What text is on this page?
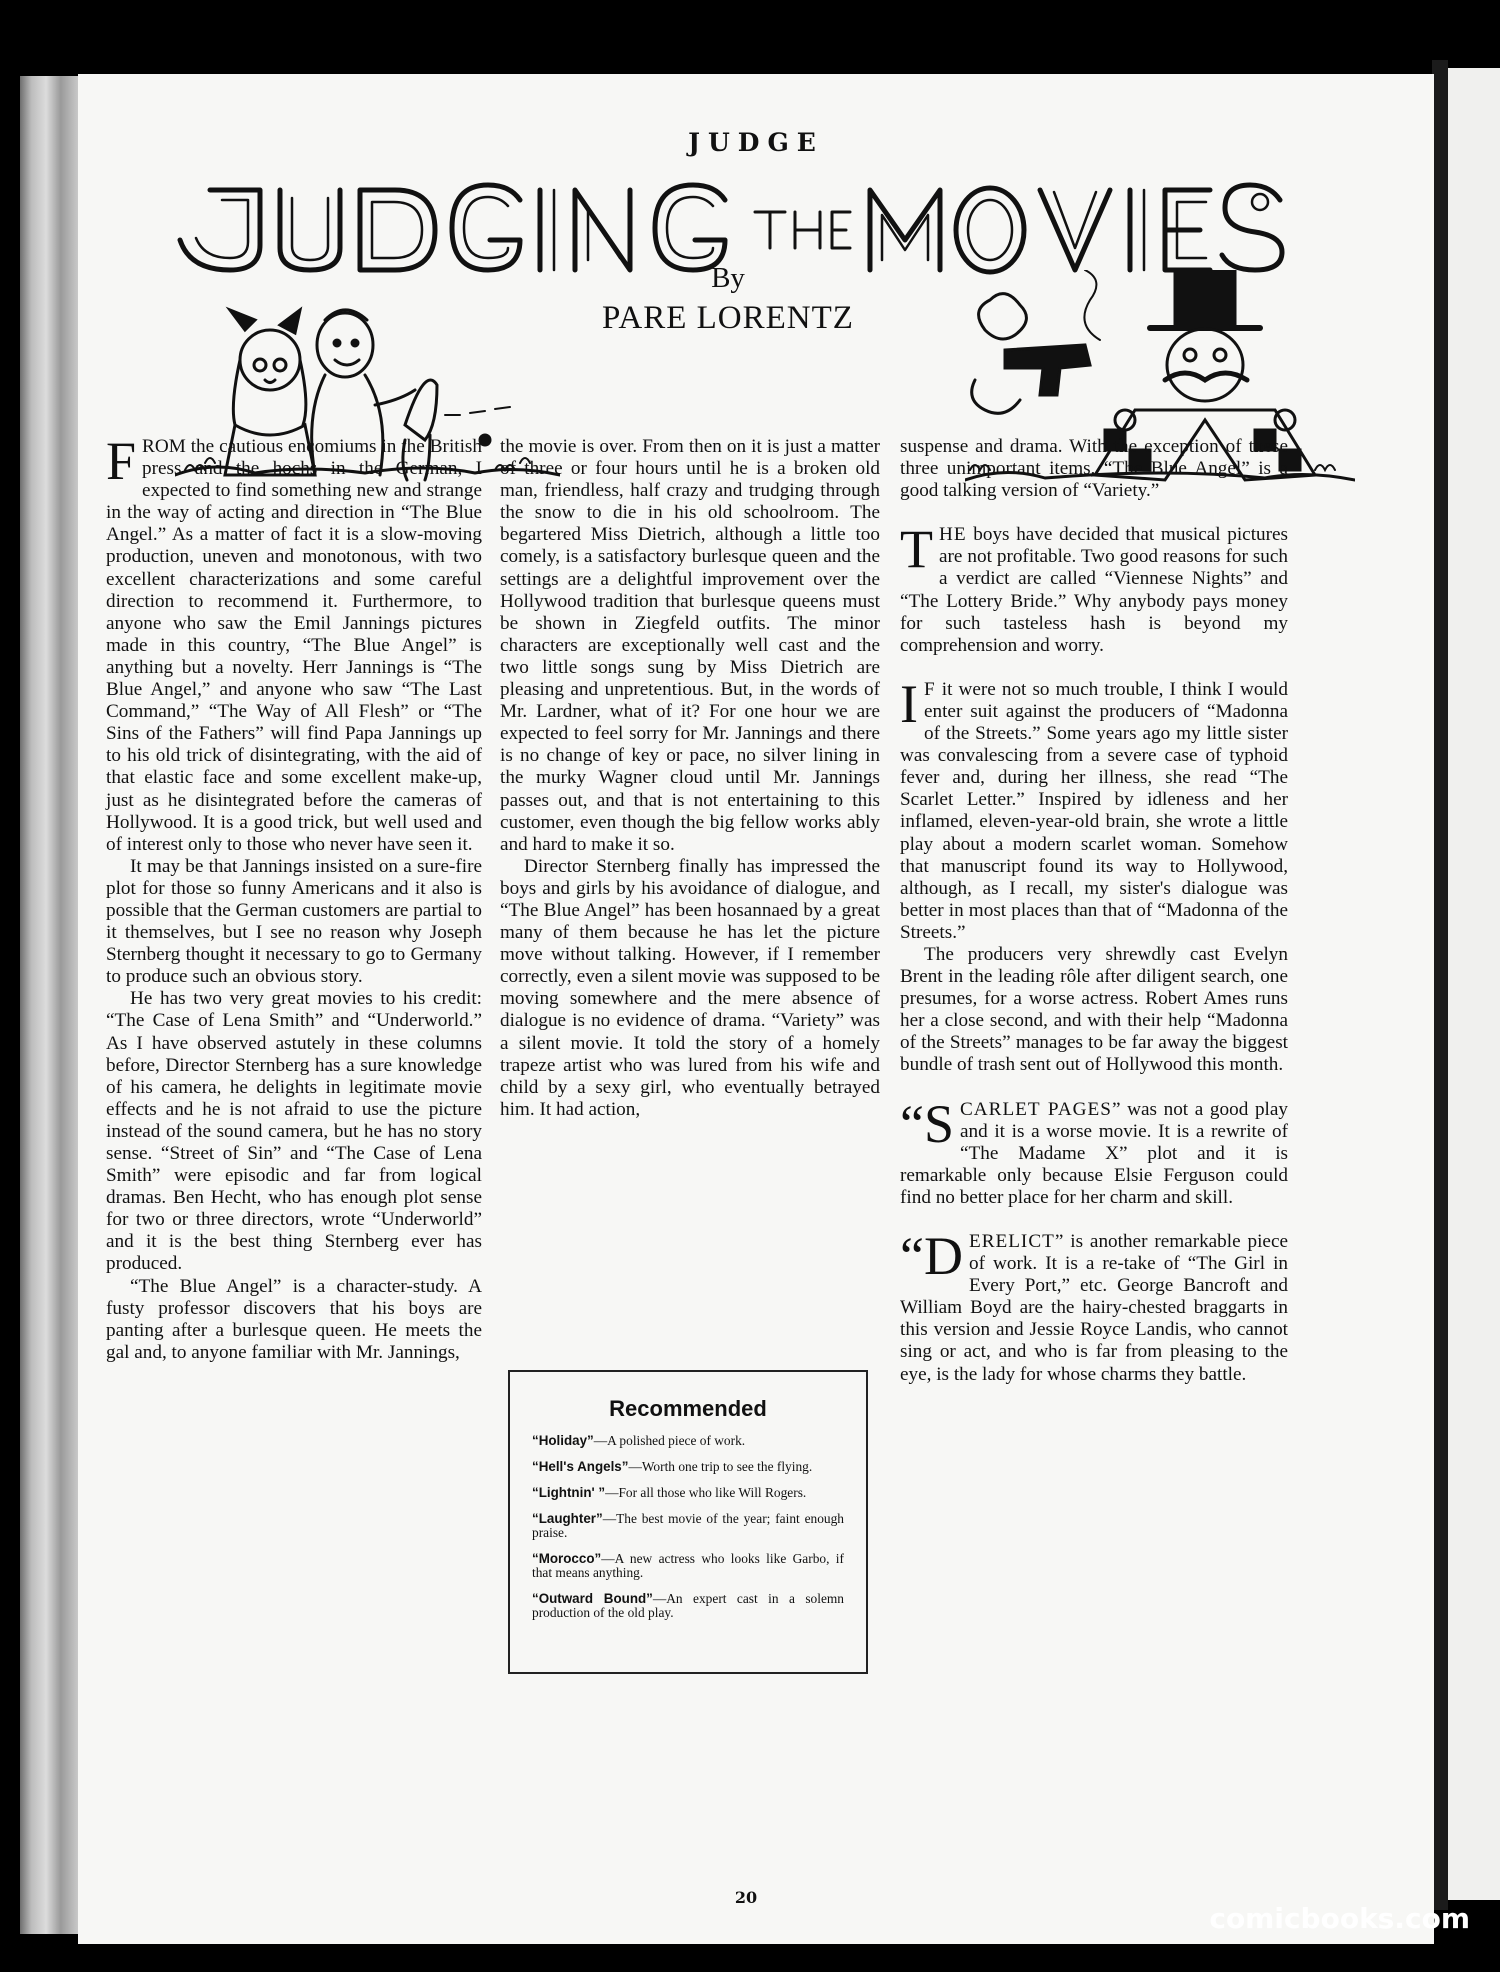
JUDGE
By
PARE LORENTZ

FROM the cautious encomiums in the British press and the hochs in the German, I expected to find something new and strange in the way of acting and direction in “The Blue Angel.” As a matter of fact it is a slow-moving production, uneven and monotonous, with two excellent characterizations and some careful direction to recommend it. Furthermore, to anyone who saw the Emil Jannings pictures made in this country, “The Blue Angel” is anything but a novelty. Herr Jannings is “The Blue Angel,” and anyone who saw “The Last Command,” “The Way of All Flesh” or “The Sins of the Fathers” will find Papa Jannings up to his old trick of disintegrating, with the aid of that elastic face and some excellent make-up, just as he disintegrated before the cameras of Hollywood. It is a good trick, but well used and of interest only to those who never have seen it.

It may be that Jannings insisted on a sure-fire plot for those so funny Americans and it also is possible that the German customers are partial to it themselves, but I see no reason why Joseph Sternberg thought it necessary to go to Germany to produce such an obvious story.

He has two very great movies to his credit: “The Case of Lena Smith” and “Underworld.” As I have observed astutely in these columns before, Director Sternberg has a sure knowledge of his camera, he delights in legitimate movie effects and he is not afraid to use the picture instead of the sound camera, but he has no story sense. “Street of Sin” and “The Case of Lena Smith” were episodic and far from logical dramas. Ben Hecht, who has enough plot sense for two or three directors, wrote “Underworld” and it is the best thing Sternberg ever has produced.

“The Blue Angel” is a character-study. A fusty professor discovers that his boys are panting after a burlesque queen. He meets the gal and, to anyone familiar with Mr. Jannings,

the movie is over. From then on it is just a matter of three or four hours until he is a broken old man, friendless, half crazy and trudging through the snow to die in his old schoolroom. The begartered Miss Dietrich, although a little too comely, is a satisfactory burlesque queen and the settings are a delightful improvement over the Hollywood tradition that burlesque queens must be shown in Ziegfeld outfits. The minor characters are exceptionally well cast and the two little songs sung by Miss Dietrich are pleasing and unpretentious. But, in the words of Mr. Lardner, what of it? For one hour we are expected to feel sorry for Mr. Jannings and there is no change of key or pace, no silver lining in the murky Wagner cloud until Mr. Jannings passes out, and that is not entertaining to this customer, even though the big fellow works ably and hard to make it so.

Director Sternberg finally has impressed the boys and girls by his avoidance of dialogue, and “The Blue Angel” has been hosannaed by a great many of them because he has let the picture move without talking. However, if I remember correctly, even a silent movie was supposed to be moving somewhere and the mere absence of dialogue is no evidence of drama. “Variety” was a silent movie. It told the story of a homely trapeze artist who was lured from his wife and child by a sexy girl, who eventually betrayed him. It had action,

Recommended
“Holiday”—A polished piece of work.
“Hell's Angels”—Worth one trip to see the flying.
“Lightnin' ”—For all those who like Will Rogers.
“Laughter”—The best movie of the year; faint enough praise.
“Morocco”—A new actress who looks like Garbo, if that means anything.
“Outward Bound”—An expert cast in a solemn production of the old play.

suspense and drama. With the exception of these three unimportant items, “The Blue Angel” is a good talking version of “Variety.”

THE boys have decided that musical pictures are not profitable. Two good reasons for such a verdict are called “Viennese Nights” and “The Lottery Bride.” Why anybody pays money for such tasteless hash is beyond my comprehension and worry.

I F it were not so much trouble, I think I would enter suit against the producers of “Madonna of the Streets.” Some years ago my little sister was convalescing from a severe case of typhoid fever and, during her illness, she read “The Scarlet Letter.” Inspired by idleness and her inflamed, eleven-year-old brain, she wrote a little play about a modern scarlet woman. Somehow that manuscript found its way to Hollywood, although, as I recall, my sister's dialogue was better in most places than that of “Madonna of the Streets.”

The producers very shrewdly cast Evelyn Brent in the leading rôle after diligent search, one presumes, for a worse actress. Robert Ames runs her a close second, and with their help “Madonna of the Streets” manages to be far away the biggest bundle of trash sent out of Hollywood this month.

“SCARLET PAGES” was not a good play and it is a worse movie. It is a rewrite of “The Madame X” plot and it is remarkable only because Elsie Ferguson could find no better place for her charm and skill.

“DERELICT” is another remarkable piece of work. It is a re-take of “The Girl in Every Port,” etc. George Bancroft and William Boyd are the hairy-chested braggarts in this version and Jessie Royce Landis, who cannot sing or act, and who is far from pleasing to the eye, is the lady for whose charms they battle.

20
comicbooks.com
